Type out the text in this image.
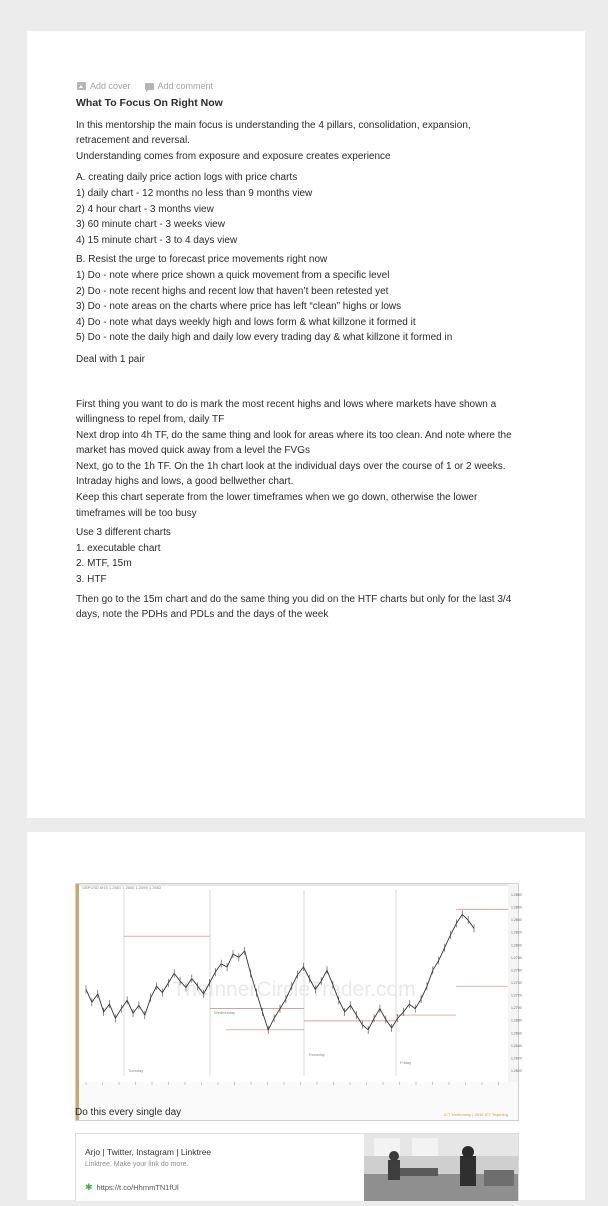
Add cover	Add comment
What To Focus On Right Now

In this mentorship the main focus is understanding the 4 pillars, consolidation, expansion, retracement and reversal.

Understanding comes from exposure and exposure creates experience

A. creating daily price action logs with price charts

1) daily chart - 12 months no less than 9 months view

2) 4 hour chart - 3 months view

3) 60 minute chart - 3 weeks view

4) 15 minute chart - 3 to 4 days view

B. Resist the urge to forecast price movements right now

1) Do - note where price shown a quick movement from a specific level

2) Do - note recent highs and recent low that haven’t been retested yet

3) Do - note areas on the charts where price has left “clean” highs or lows

4) Do - note what days weekly high and lows form & what killzone it formed it

5) Do - note the daily high and daily low every trading day & what killzone it formed in

Deal with 1 pair

First thing you want to do is mark the most recent highs and lows where markets have shown a willingness to repel from, daily TF

Next drop into 4h TF, do the same thing and look for areas where its too clean. And note where the market has moved quick away from a level the FVGs

Next, go to the 1h TF. On the 1h chart look at the individual days over the course of 1 or 2 weeks. Intraday highs and lows, a good bellwether chart.

Keep this chart seperate from the lower timeframes when we go down, otherwise the lower timeframes will be too busy

Use 3 different charts

1. executable chart

2. MTF, 15m

3. HTF

Then go to the 15m chart and do the same thing you did on the HTF charts but only for the last 3/4 days, note the PDHs and PDLs and the days of the week

TheInnerCircleTrader.com
Tuesday
Wednesday
Thursday
Friday
1.2880
1.2860
1.2840
1.2820
1.2800
1.2780
1.2760
1.2740
1.2720
1.2700
1.2680
1.2660
1.2640
1.2620
1.2600
GBPUSD,M15 1.2661 1.2665 1.2659 1.2662
ICT Mentorship | 2016 ICT Teaching
Do this every single day
Arjo | Twitter, Instagram | Linktree
Linktree. Make your link do more.
✱ https://t.co/HhmmTN1fUl
